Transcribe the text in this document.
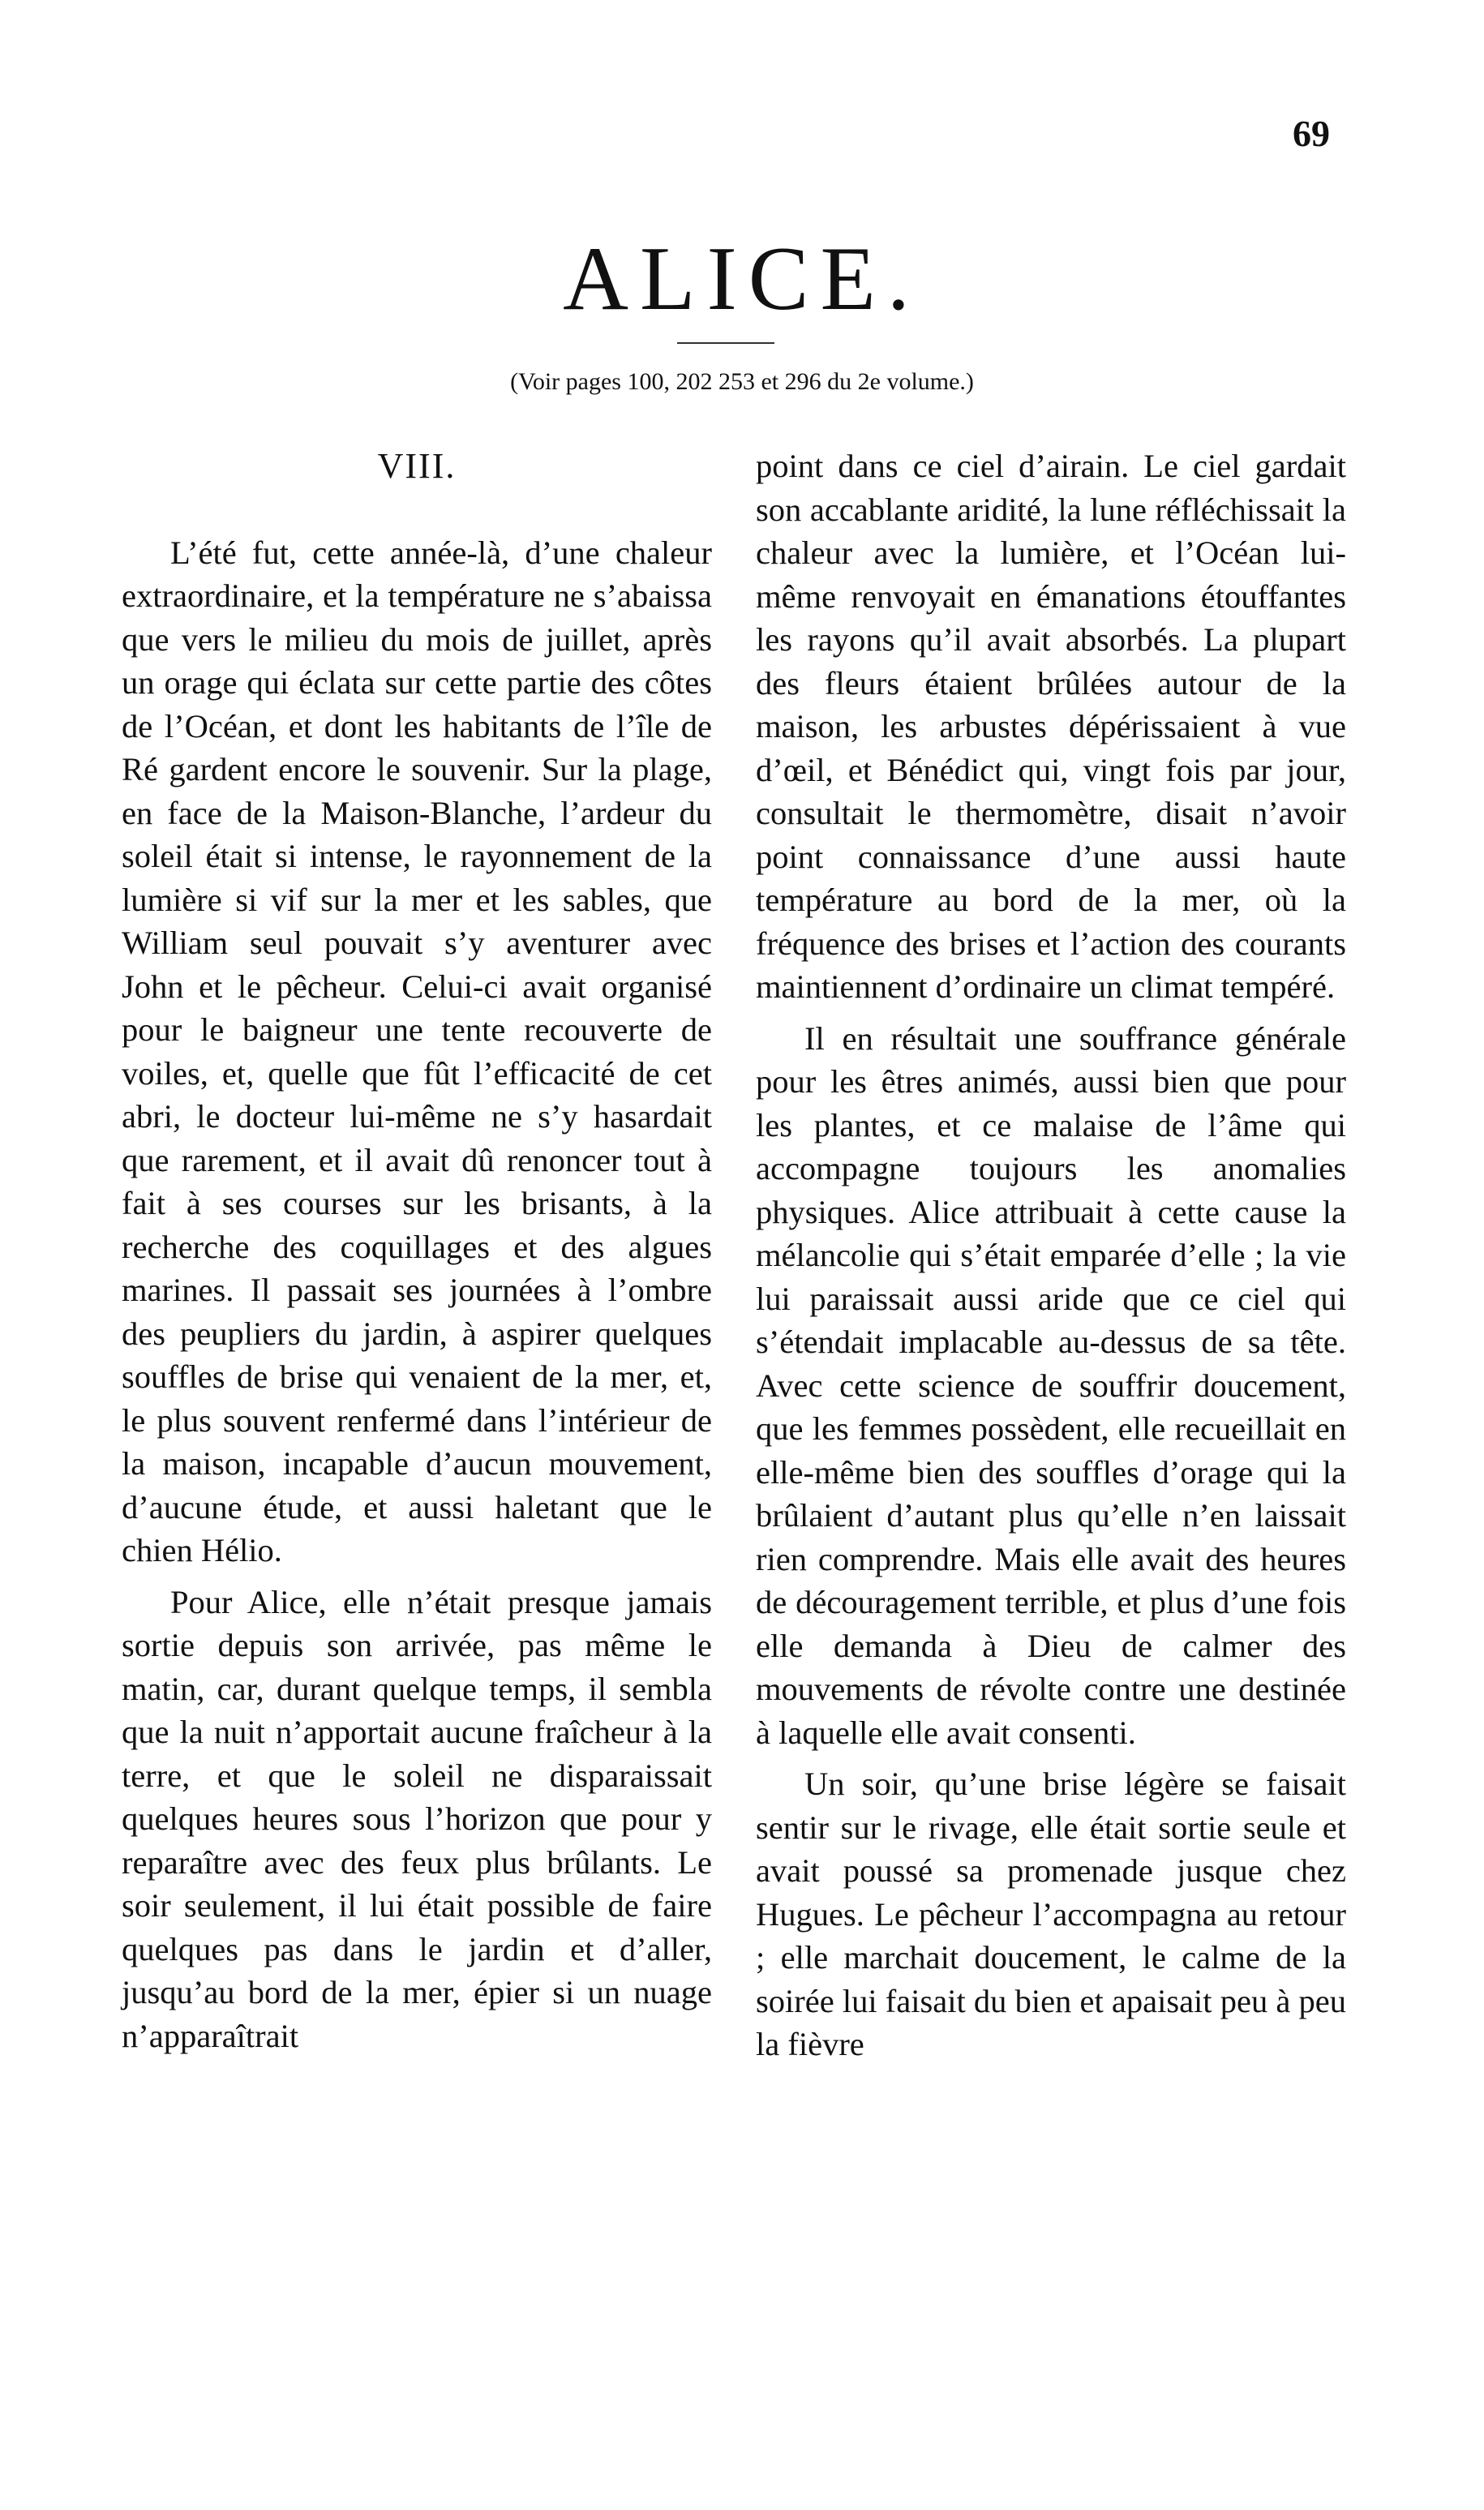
69
ALICE.
(Voir pages 100, 202 253 et 296 du 2e volume.)
VIII.

L’été fut, cette année-là, d’une chaleur extraordinaire, et la température ne s’abaissa que vers le milieu du mois de juillet, après un orage qui éclata sur cette partie des côtes de l’Océan, et dont les habitants de l’île de Ré gardent encore le souvenir. Sur la plage, en face de la Maison-Blanche, l’ardeur du soleil était si intense, le rayonnement de la lumière si vif sur la mer et les sables, que William seul pouvait s’y aventurer avec John et le pêcheur. Celui-ci avait organisé pour le baigneur une tente recouverte de voiles, et, quelle que fût l’efficacité de cet abri, le docteur lui-même ne s’y hasardait que rarement, et il avait dû renoncer tout à fait à ses courses sur les brisants, à la recherche des coquillages et des algues marines. Il passait ses journées à l’ombre des peupliers du jardin, à aspirer quelques souffles de brise qui venaient de la mer, et, le plus souvent renfermé dans l’intérieur de la maison, incapable d’aucun mouvement, d’aucune étude, et aussi haletant que le chien Hélio.

Pour Alice, elle n’était presque jamais sortie depuis son arrivée, pas même le matin, car, durant quelque temps, il sembla que la nuit n’apportait aucune fraîcheur à la terre, et que le soleil ne disparaissait quelques heures sous l’horizon que pour y reparaître avec des feux plus brûlants. Le soir seulement, il lui était possible de faire quelques pas dans le jardin et d’aller, jusqu’au bord de la mer, épier si un nuage n’apparaîtrait

point dans ce ciel d’airain. Le ciel gardait son accablante aridité, la lune réfléchissait la chaleur avec la lumière, et l’Océan lui-même renvoyait en émanations étouffantes les rayons qu’il avait absorbés. La plupart des fleurs étaient brûlées autour de la maison, les arbustes dépérissaient à vue d’œil, et Bénédict qui, vingt fois par jour, consultait le thermomètre, disait n’avoir point connaissance d’une aussi haute température au bord de la mer, où la fréquence des brises et l’action des courants maintiennent d’ordinaire un climat tempéré.

Il en résultait une souffrance générale pour les êtres animés, aussi bien que pour les plantes, et ce malaise de l’âme qui accompagne toujours les anomalies physiques. Alice attribuait à cette cause la mélancolie qui s’était emparée d’elle ; la vie lui paraissait aussi aride que ce ciel qui s’étendait implacable au-dessus de sa tête. Avec cette science de souffrir doucement, que les femmes possèdent, elle recueillait en elle-même bien des souffles d’orage qui la brûlaient d’autant plus qu’elle n’en laissait rien comprendre. Mais elle avait des heures de découragement terrible, et plus d’une fois elle demanda à Dieu de calmer des mouvements de révolte contre une destinée à laquelle elle avait consenti.

Un soir, qu’une brise légère se faisait sentir sur le rivage, elle était sortie seule et avait poussé sa promenade jusque chez Hugues. Le pêcheur l’accompagna au retour ; elle marchait doucement, le calme de la soirée lui faisait du bien et apaisait peu à peu la fièvre
